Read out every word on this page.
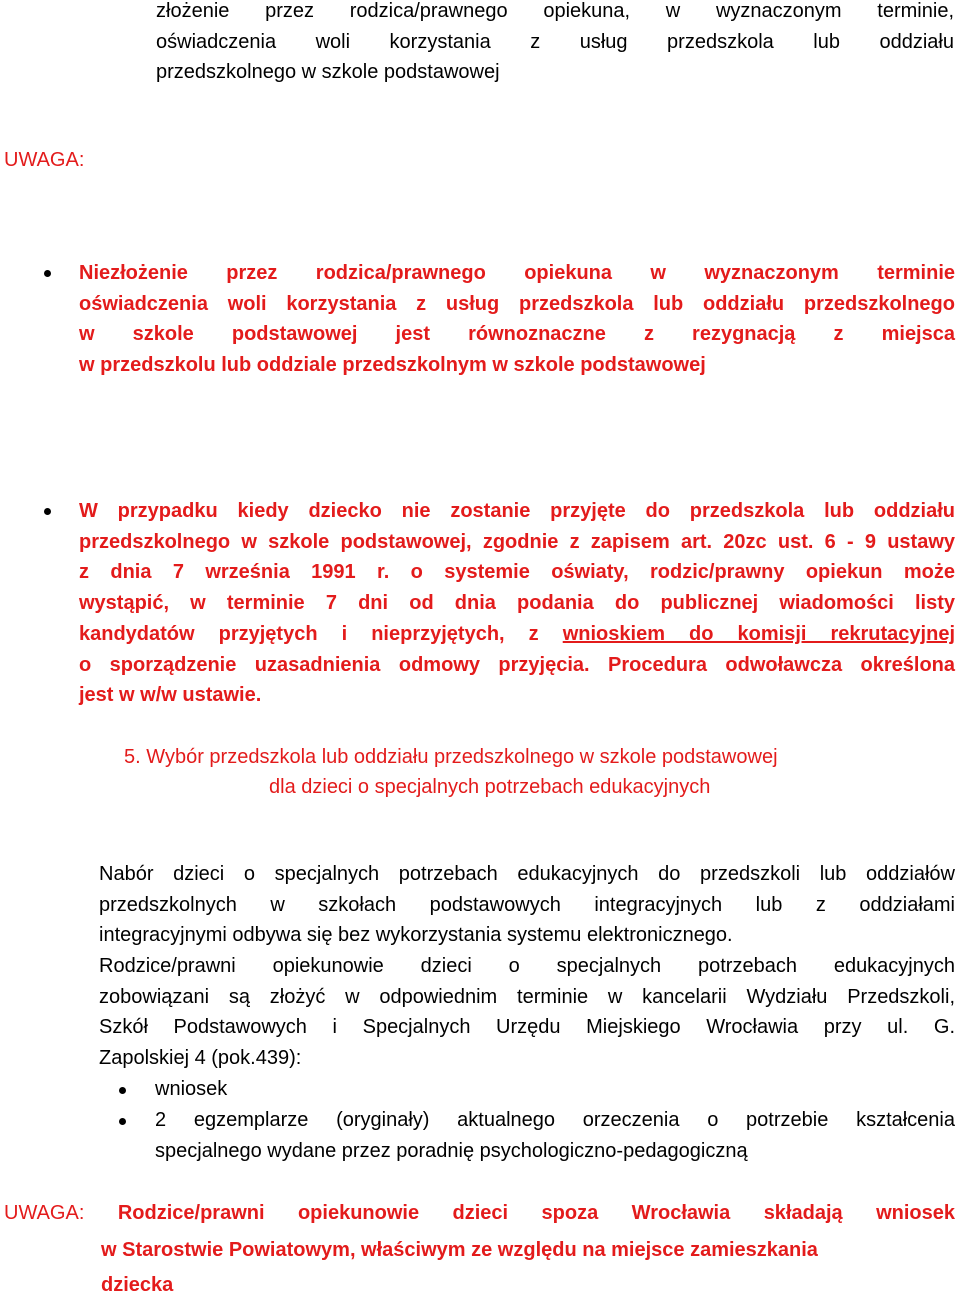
złożenie przez rodzica/prawnego opiekuna, w wyznaczonym terminie,
oświadczenia woli korzystania z usług przedszkola lub oddziału
przedszkolnego w szkole podstawowej
UWAGA:
Niezłożenie przez rodzica/prawnego opiekuna w wyznaczonym terminie
oświadczenia woli korzystania z usług przedszkola lub oddziału przedszkolnego
w szkole podstawowej jest równoznaczne z rezygnacją z miejsca
w przedszkolu lub oddziale przedszkolnym w szkole podstawowej
W przypadku kiedy dziecko nie zostanie przyjęte do przedszkola lub oddziału
przedszkolnego w szkole podstawowej, zgodnie z zapisem art. 20zc ust. 6 - 9 ustawy
z dnia 7 września 1991 r. o systemie oświaty, rodzic/prawny opiekun może
wystąpić, w terminie 7 dni od dnia podania do publicznej wiadomości listy
kandydatów przyjętych i nieprzyjętych, z wnioskiem do komisji rekrutacyjnej
o sporządzenie uzasadnienia odmowy przyjęcia. Procedura odwoławcza określona
jest w w/w ustawie.
5. Wybór przedszkola lub oddziału przedszkolnego w szkole podstawowej
dla dzieci o specjalnych potrzebach edukacyjnych
Nabór dzieci o specjalnych potrzebach edukacyjnych do przedszkoli lub oddziałów
przedszkolnych w szkołach podstawowych integracyjnych lub z oddziałami
integracyjnymi odbywa się bez wykorzystania systemu elektronicznego.
Rodzice/prawni opiekunowie dzieci o specjalnych potrzebach edukacyjnych
zobowiązani są złożyć w odpowiednim terminie w kancelarii Wydziału Przedszkoli,
Szkół Podstawowych i Specjalnych Urzędu Miejskiego Wrocławia przy ul. G.
Zapolskiej 4 (pok.439):
wniosek
2 egzemplarze (oryginały) aktualnego orzeczenia o potrzebie kształcenia
specjalnego wydane przez poradnię psychologiczno-pedagogiczną
UWAGA: Rodzice/prawni opiekunowie dzieci spoza Wrocławia składają wniosek
w Starostwie Powiatowym, właściwym ze względu na miejsce zamieszkania
dziecka
